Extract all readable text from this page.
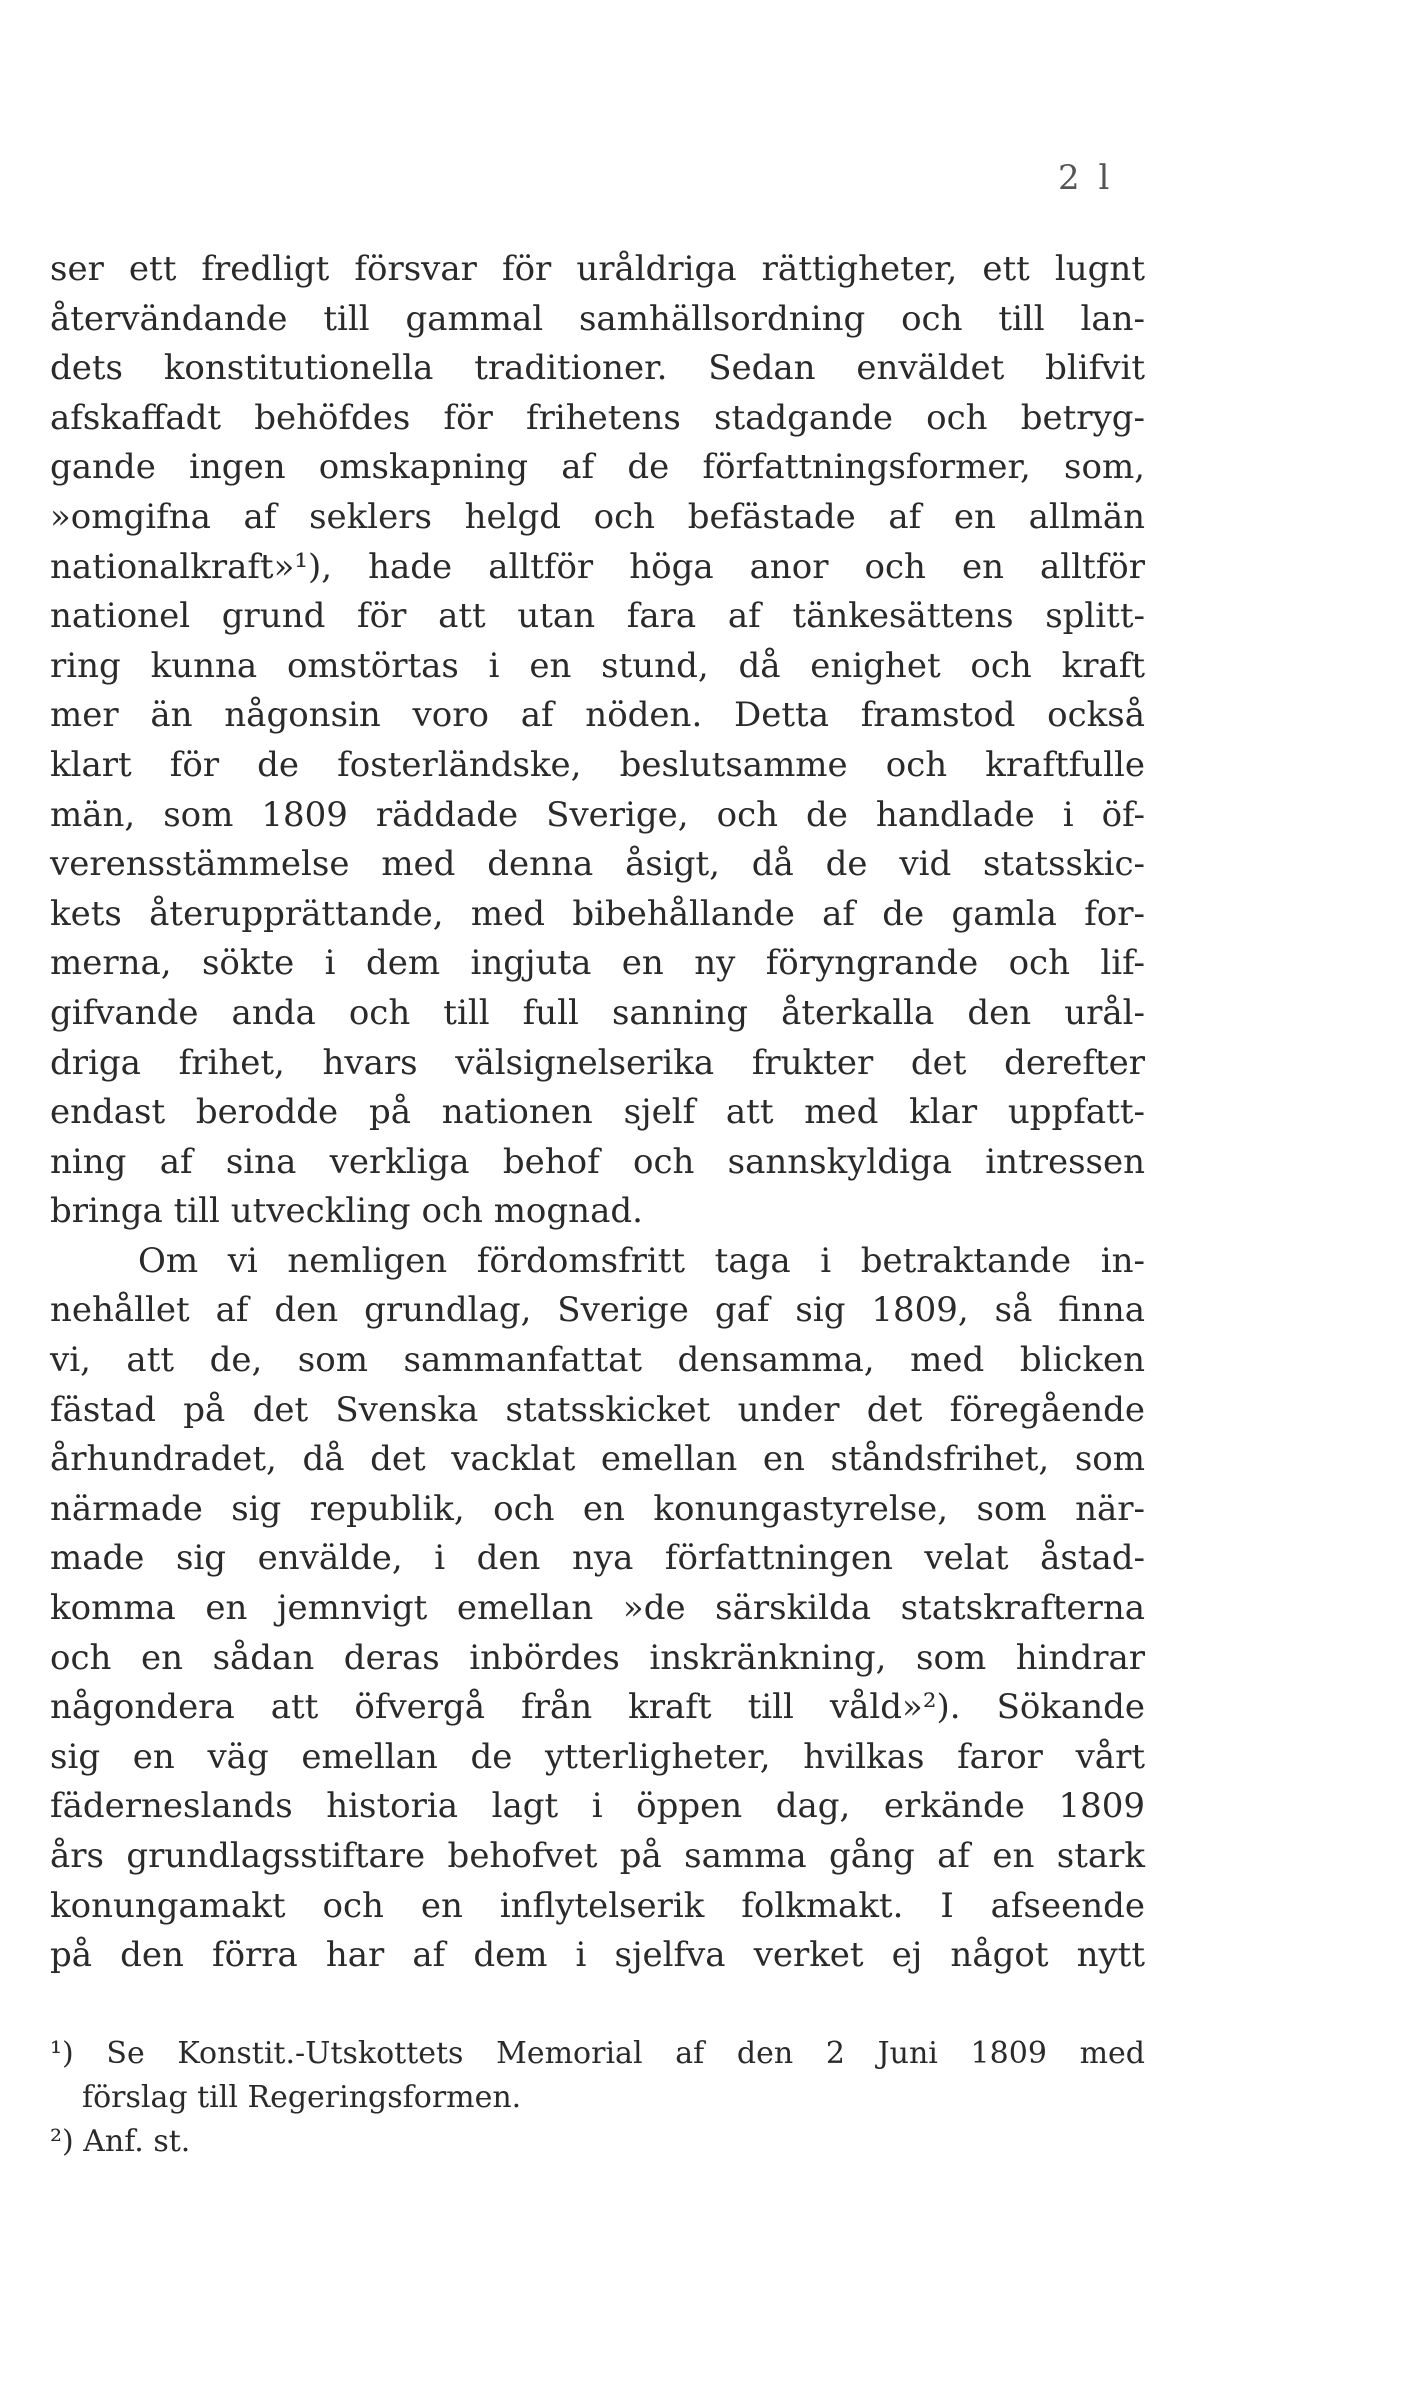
2 l
ser ett fredligt försvar för uråldriga rättigheter, ett lugnt
återvändande till gammal samhällsordning och till lan-
dets konstitutionella traditioner. Sedan enväldet blifvit
afskaffadt behöfdes för frihetens stadgande och betryg-
gande ingen omskapning af de författningsformer, som,
»omgifna af seklers helgd och befästade af en allmän
nationalkraft»¹), hade alltför höga anor och en alltför
nationel grund för att utan fara af tänkesättens splitt-
ring kunna omstörtas i en stund, då enighet och kraft
mer än någonsin voro af nöden. Detta framstod också
klart för de fosterländske, beslutsamme och kraftfulle
män, som 1809 räddade Sverige, och de handlade i öf-
verensstämmelse med denna åsigt, då de vid statsskic-
kets återupprättande, med bibehållande af de gamla for-
merna, sökte i dem ingjuta en ny föryngrande och lif-
gifvande anda och till full sanning återkalla den urål-
driga frihet, hvars välsignelserika frukter det derefter
endast berodde på nationen sjelf att med klar uppfatt-
ning af sina verkliga behof och sannskyldiga intressen
bringa till utveckling och mognad.
Om vi nemligen fördomsfritt taga i betraktande in-
nehållet af den grundlag, Sverige gaf sig 1809, så finna
vi, att de, som sammanfattat densamma, med blicken
fästad på det Svenska statsskicket under det föregående
århundradet, då det vacklat emellan en ståndsfrihet, som
närmade sig republik, och en konungastyrelse, som när-
made sig envälde, i den nya författningen velat åstad-
komma en jemnvigt emellan »de särskilda statskrafterna
och en sådan deras inbördes inskränkning, som hindrar
någondera att öfvergå från kraft till våld»²). Sökande
sig en väg emellan de ytterligheter, hvilkas faror vårt
fäderneslands historia lagt i öppen dag, erkände 1809
års grundlagsstiftare behofvet på samma gång af en stark
konungamakt och en inflytelserik folkmakt. I afseende
på den förra har af dem i sjelfva verket ej något nytt
¹) Se Konstit.-Utskottets Memorial af den 2 Juni 1809 med
förslag till Regeringsformen.
²) Anf. st.
